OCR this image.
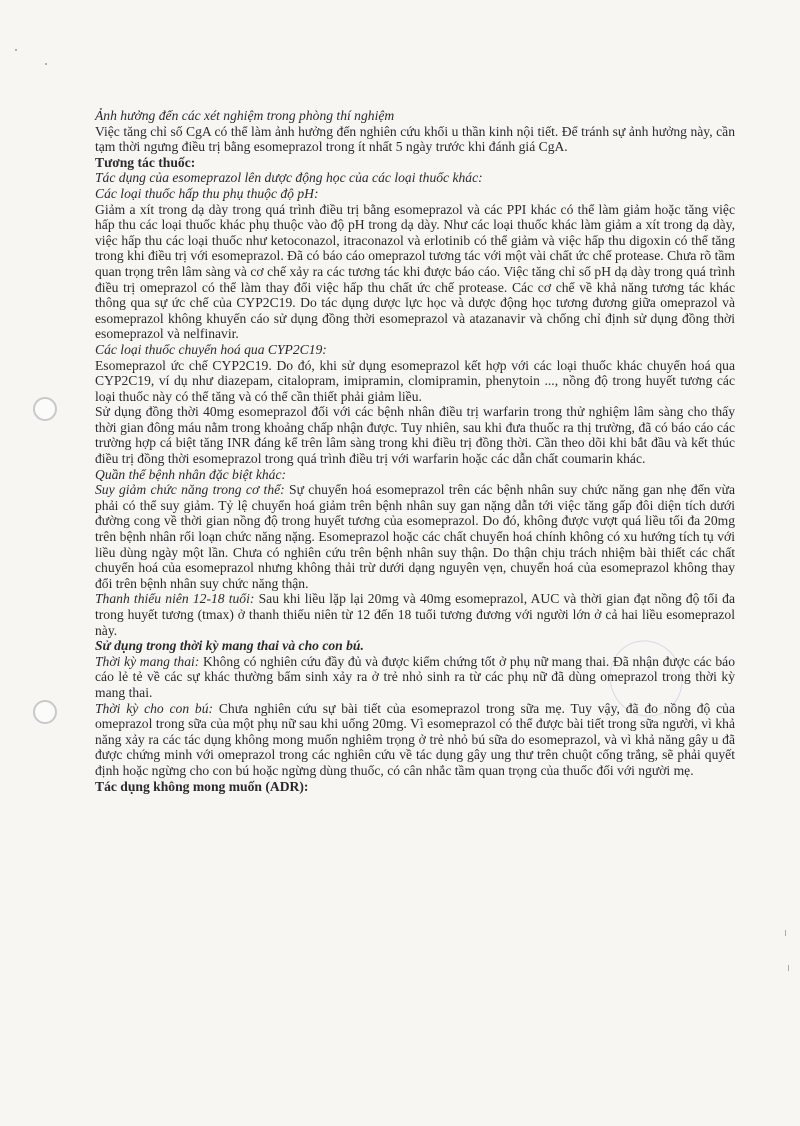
Ảnh hưởng đến các xét nghiệm trong phòng thí nghiệm
Việc tăng chỉ số CgA có thể làm ảnh hưởng đến nghiên cứu khối u thần kinh nội tiết. Để tránh sự ảnh hưởng này, cần tạm thời ngưng điều trị bằng esomeprazol trong ít nhất 5 ngày trước khi đánh giá CgA.
Tương tác thuốc:
Tác dụng của esomeprazol lên dược động học của các loại thuốc khác:
Các loại thuốc hấp thu phụ thuộc độ pH:
Giảm a xít trong dạ dày trong quá trình điều trị bằng esomeprazol và các PPI khác có thể làm giảm hoặc tăng việc hấp thu các loại thuốc khác phụ thuộc vào độ pH trong dạ dày. Như các loại thuốc khác làm giảm a xít trong dạ dày, việc hấp thu các loại thuốc như ketoconazol, itraconazol và erlotinib có thể giảm và việc hấp thu digoxin có thể tăng trong khi điều trị với esomeprazol. Đã có báo cáo omeprazol tương tác với một vài chất ức chế protease. Chưa rõ tầm quan trọng trên lâm sàng và cơ chế xảy ra các tương tác khi được báo cáo. Việc tăng chỉ số pH dạ dày trong quá trình điều trị omeprazol có thể làm thay đổi việc hấp thu chất ức chế protease. Các cơ chế về khả năng tương tác khác thông qua sự ức chế của CYP2C19. Do tác dụng dược lực học và dược động học tương đương giữa omeprazol và esomeprazol không khuyến cáo sử dụng đồng thời esomeprazol và atazanavir và chống chỉ định sử dụng đồng thời esomeprazol và nelfinavir.
Các loại thuốc chuyển hoá qua CYP2C19:
Esomeprazol ức chế CYP2C19. Do đó, khi sử dụng esomeprazol kết hợp với các loại thuốc khác chuyển hoá qua CYP2C19, ví dụ như diazepam, citalopram, imipramin, clomipramin, phenytoin ..., nồng độ trong huyết tương các loại thuốc này có thể tăng và có thể cần thiết phải giảm liều.
Sử dụng đồng thời 40mg esomeprazol đối với các bệnh nhân điều trị warfarin trong thử nghiệm lâm sàng cho thấy thời gian đông máu nằm trong khoảng chấp nhận được. Tuy nhiên, sau khi đưa thuốc ra thị trường, đã có báo cáo các trường hợp cá biệt tăng INR đáng kể trên lâm sàng trong khi điều trị đồng thời. Cần theo dõi khi bắt đầu và kết thúc điều trị đồng thời esomeprazol trong quá trình điều trị với warfarin hoặc các dẫn chất coumarin khác.
Quần thể bệnh nhân đặc biệt khác:
Suy giảm chức năng trong cơ thể: Sự chuyển hoá esomeprazol trên các bệnh nhân suy chức năng gan nhẹ đến vừa phải có thể suy giảm. Tỷ lệ chuyển hoá giảm trên bệnh nhân suy gan nặng dẫn tới việc tăng gấp đôi diện tích dưới đường cong về thời gian nồng độ trong huyết tương của esomeprazol. Do đó, không được vượt quá liều tối đa 20mg trên bệnh nhân rối loạn chức năng nặng. Esomeprazol hoặc các chất chuyển hoá chính không có xu hướng tích tụ với liều dùng ngày một lần. Chưa có nghiên cứu trên bệnh nhân suy thận. Do thận chịu trách nhiệm bài thiết các chất chuyển hoá của esomeprazol nhưng không thải trừ dưới dạng nguyên vẹn, chuyển hoá của esomeprazol không thay đổi trên bệnh nhân suy chức năng thận.
Thanh thiếu niên 12-18 tuổi: Sau khi liều lặp lại 20mg và 40mg esomeprazol, AUC và thời gian đạt nồng độ tối đa trong huyết tương (tmax) ở thanh thiếu niên từ 12 đến 18 tuổi tương đương với người lớn ở cả hai liều esomeprazol này.
Sử dụng trong thời kỳ mang thai và cho con bú.
Thời kỳ mang thai: Không có nghiên cứu đầy đủ và được kiểm chứng tốt ở phụ nữ mang thai. Đã nhận được các báo cáo lẻ tẻ về các sự khác thường bẩm sinh xảy ra ở trẻ nhỏ sinh ra từ các phụ nữ đã dùng omeprazol trong thời kỳ mang thai.
Thời kỳ cho con bú: Chưa nghiên cứu sự bài tiết của esomeprazol trong sữa mẹ. Tuy vậy, đã đo nồng độ của omeprazol trong sữa của một phụ nữ sau khi uống 20mg. Vì esomeprazol có thể được bài tiết trong sữa người, vì khả năng xảy ra các tác dụng không mong muốn nghiêm trọng ở trẻ nhỏ bú sữa do esomeprazol, và vì khả năng gây u đã được chứng minh với omeprazol trong các nghiên cứu về tác dụng gây ung thư trên chuột cống trắng, sẽ phải quyết định hoặc ngừng cho con bú hoặc ngừng dùng thuốc, có cân nhắc tầm quan trọng của thuốc đối với người mẹ.
Tác dụng không mong muốn (ADR):
